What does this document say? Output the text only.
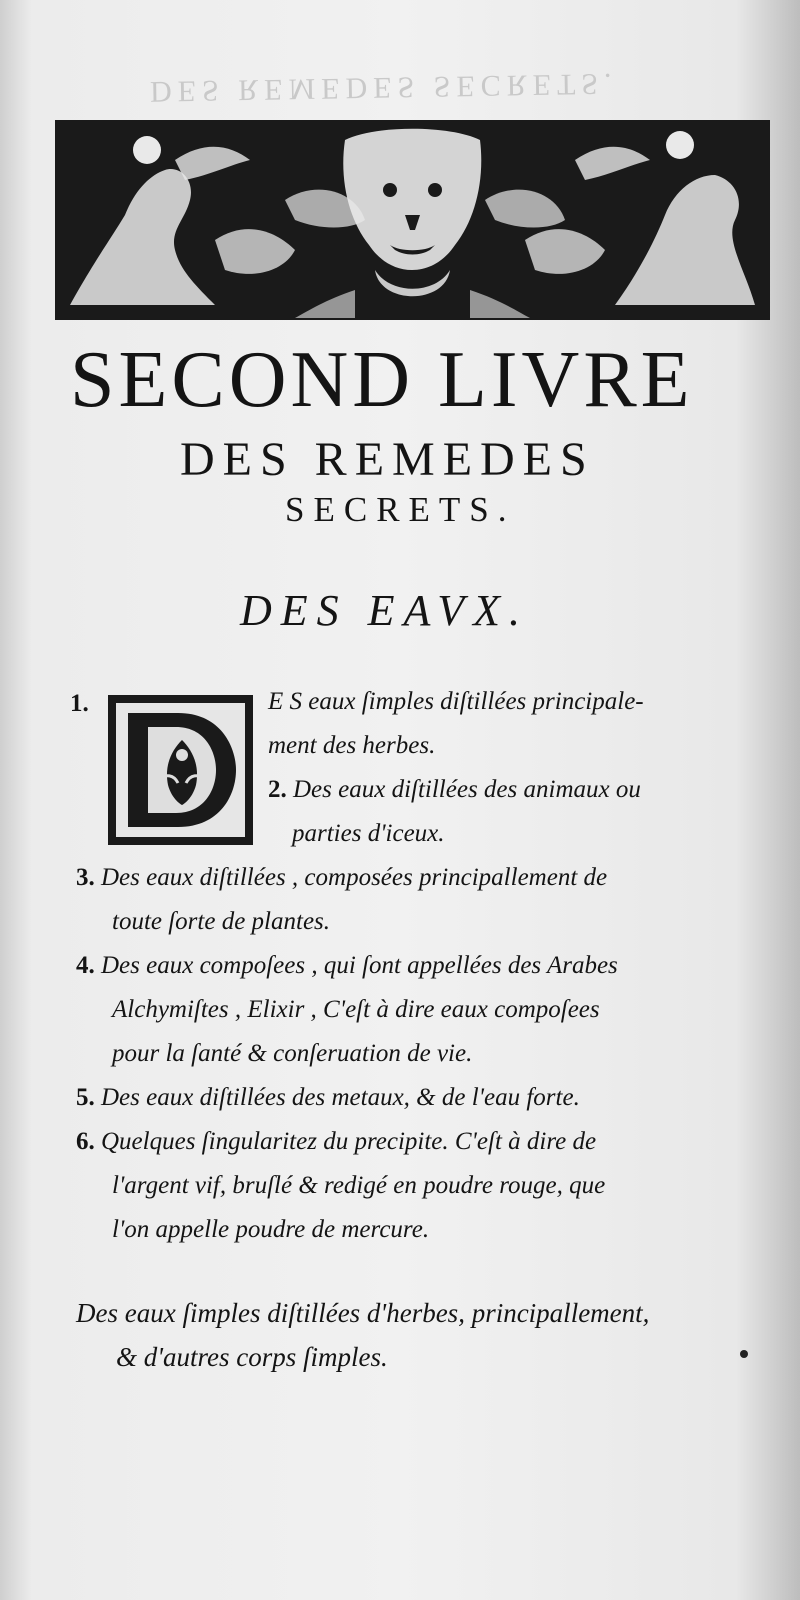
DES REMEDES SECRETS.
SECOND LIVRE
DES REMEDES
SECRETS.
DES EAVX.
1.	E S eaux ſimples diſtillées principale-
ment des herbes.
2. Des eaux diſtillées des animaux ou
parties d'iceux.
3. Des eaux diſtillées , composées principallement de
toute ſorte de plantes.
4. Des eaux compoſees , qui ſont appellées des Arabes
Alchymiſtes , Elixir , C'eſt à dire eaux compoſees
pour la ſanté & conſeruation de vie.
5. Des eaux diſtillées des metaux, & de l'eau forte.
6. Quelques ſingularitez du precipite. C'eſt à dire de
l'argent vif, bruſlé & redigé en poudre rouge, que
l'on appelle poudre de mercure.
Des eaux ſimples diſtillées d'herbes, principallement,
& d'autres corps ſimples.
